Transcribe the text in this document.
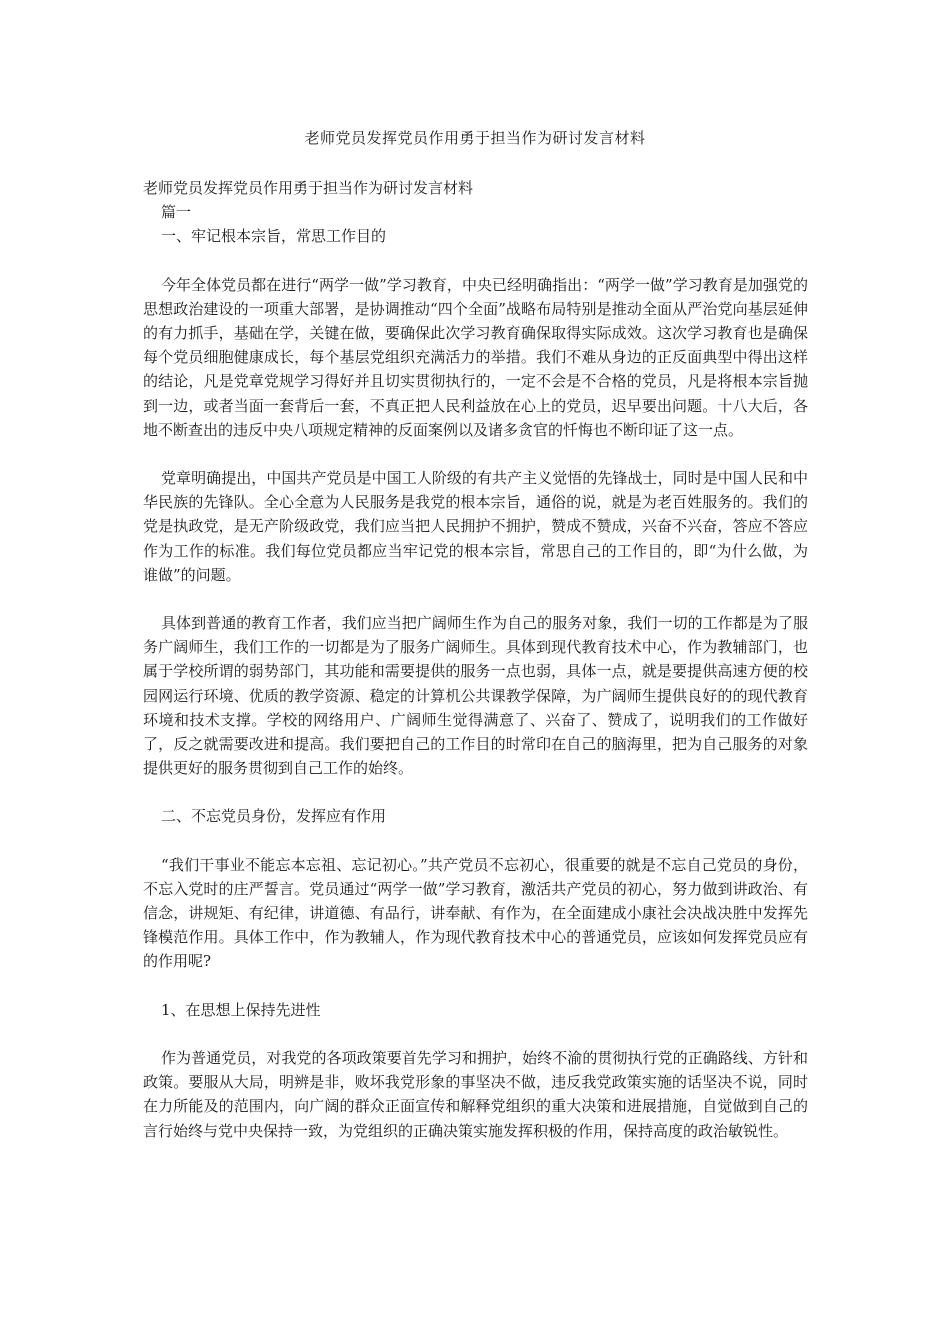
老师党员发挥党员作用勇于担当作为研讨发言材料

老师党员发挥党员作用勇于担当作为研讨发言材料

篇一

一、牢记根本宗旨，常思工作目的

今年全体党员都在进行“两学一做”学习教育，中央已经明确指出：“两学一做”学习教育是加强党的思想政治建设的一项重大部署，是协调推动“四个全面”战略布局特别是推动全面从严治党向基层延伸的有力抓手，基础在学，关键在做，要确保此次学习教育确保取得实际成效。这次学习教育也是确保每个党员细胞健康成长，每个基层党组织充满活力的举措。我们不难从身边的正反面典型中得出这样的结论，凡是党章党规学习得好并且切实贯彻执行的，一定不会是不合格的党员，凡是将根本宗旨抛到一边，或者当面一套背后一套，不真正把人民利益放在心上的党员，迟早要出问题。十八大后，各地不断查出的违反中央八项规定精神的反面案例以及诸多贪官的忏悔也不断印证了这一点。

党章明确提出，中国共产党员是中国工人阶级的有共产主义觉悟的先锋战士，同时是中国人民和中华民族的先锋队。全心全意为人民服务是我党的根本宗旨，通俗的说，就是为老百姓服务的。我们的党是执政党，是无产阶级政党，我们应当把人民拥护不拥护，赞成不赞成，兴奋不兴奋，答应不答应作为工作的标准。我们每位党员都应当牢记党的根本宗旨，常思自己的工作目的，即“为什么做，为谁做”的问题。

具体到普通的教育工作者，我们应当把广阔师生作为自己的服务对象，我们一切的工作都是为了服务广阔师生，我们工作的一切都是为了服务广阔师生。具体到现代教育技术中心，作为教辅部门，也属于学校所谓的弱势部门，其功能和需要提供的服务一点也弱，具体一点，就是要提供高速方便的校园网运行环境、优质的教学资源、稳定的计算机公共课教学保障，为广阔师生提供良好的的现代教育环境和技术支撑。学校的网络用户、广阔师生觉得满意了、兴奋了、赞成了，说明我们的工作做好了，反之就需要改进和提高。我们要把自己的工作目的时常印在自己的脑海里，把为自己服务的对象提供更好的服务贯彻到自己工作的始终。

二、不忘党员身份，发挥应有作用

“我们干事业不能忘本忘祖、忘记初心。”共产党员不忘初心，很重要的就是不忘自己党员的身份，不忘入党时的庄严誓言。党员通过“两学一做”学习教育，激活共产党员的初心，努力做到讲政治、有信念，讲规矩、有纪律，讲道德、有品行，讲奉献、有作为，在全面建成小康社会决战决胜中发挥先锋模范作用。具体工作中，作为教辅人，作为现代教育技术中心的普通党员，应该如何发挥党员应有的作用呢?

1、在思想上保持先进性

作为普通党员，对我党的各项政策要首先学习和拥护，始终不渝的贯彻执行党的正确路线、方针和政策。要服从大局，明辨是非，败坏我党形象的事坚决不做，违反我党政策实施的话坚决不说，同时在力所能及的范围内，向广阔的群众正面宣传和解释党组织的重大决策和进展措施，自觉做到自己的言行始终与党中央保持一致，为党组织的正确决策实施发挥积极的作用，保持高度的政治敏锐性。
